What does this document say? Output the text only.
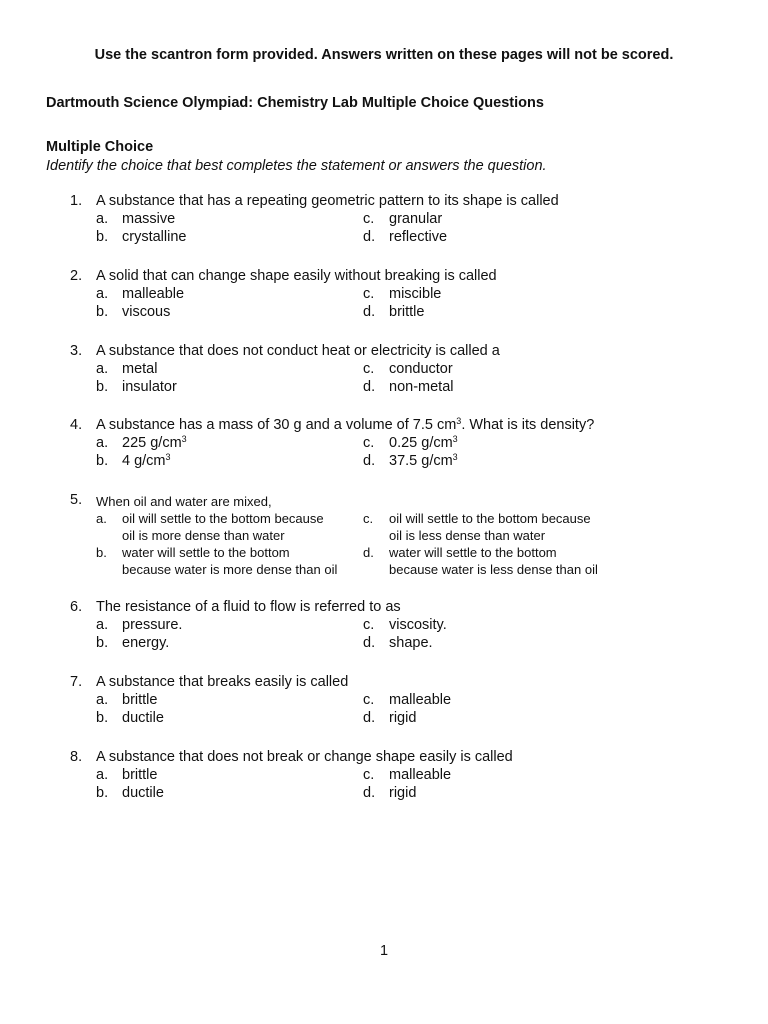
Use the scantron form provided. Answers written on these pages will not be scored.
Dartmouth Science Olympiad: Chemistry Lab Multiple Choice Questions
Multiple Choice
Identify the choice that best completes the statement or answers the question.
1. A substance that has a repeating geometric pattern to its shape is called
a. massive
b. crystalline
c. granular
d. reflective
2. A solid that can change shape easily without breaking is called
a. malleable
b. viscous
c. miscible
d. brittle
3. A substance that does not conduct heat or electricity is called a
a. metal
b. insulator
c. conductor
d. non-metal
4. A substance has a mass of 30 g and a volume of 7.5 $cm^3$. What is its density?
a. 225 $g/cm^3$
b. 4 $g/cm^3$
c. 0.25 $g/cm^3$
d. 37.5 $g/cm^3$
5. When oil and water are mixed,
a. oil will settle to the bottom because
oil is more dense than water
b. water will settle to the bottom
because water is more dense than oil
c. oil will settle to the bottom because
oil is less dense than water
d. water will settle to the bottom
because water is less dense than oil
6. The resistance of a fluid to flow is referred to as
a. pressure.
b. energy.
c. viscosity.
d. shape.
7. A substance that breaks easily is called
a. brittle
b. ductile
c. malleable
d. rigid
8. A substance that does not break or change shape easily is called
a. brittle
b. ductile
c. malleable
d. rigid
1
